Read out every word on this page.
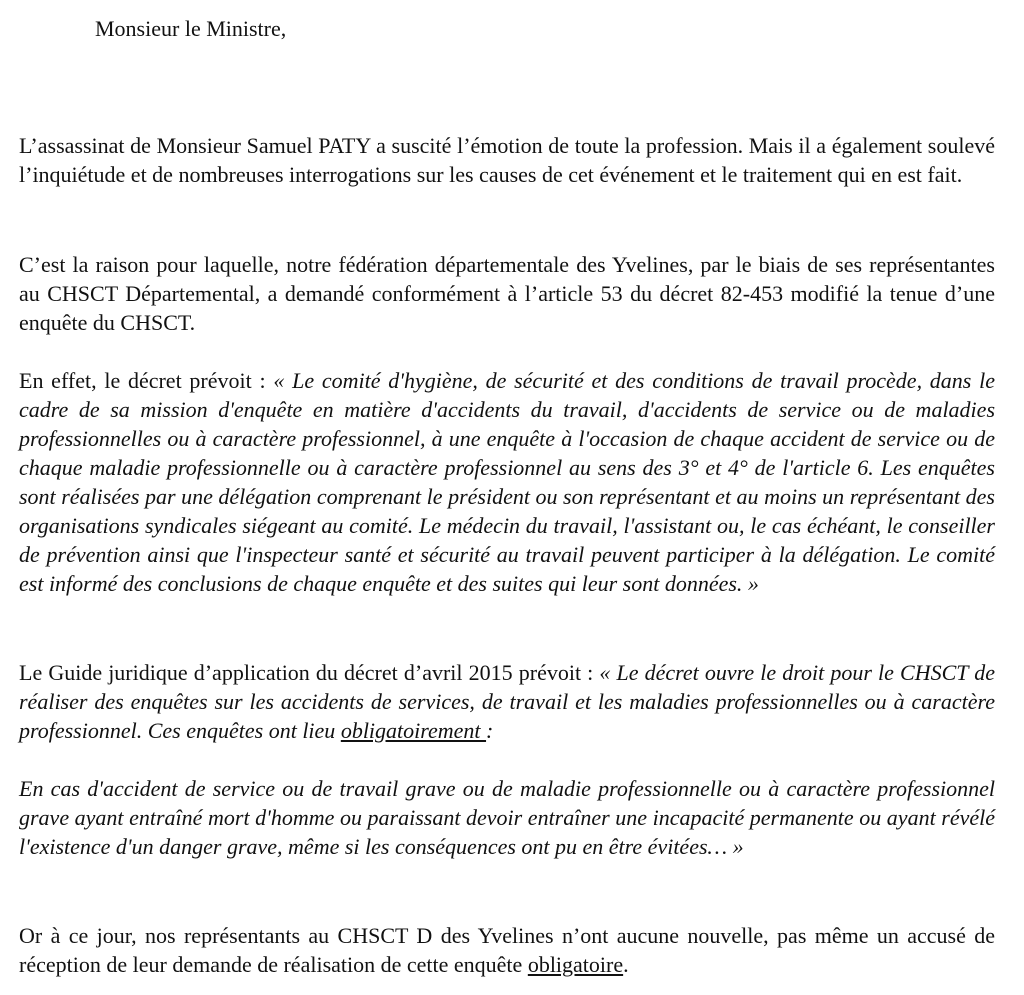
Monsieur le Ministre,

L’assassinat de Monsieur Samuel PATY a suscité l’émotion de toute la profession. Mais il a également soulevé l’inquiétude et de nombreuses interrogations sur les causes de cet événement et le traitement qui en est fait.

C’est la raison pour laquelle, notre fédération départementale des Yvelines, par le biais de ses représentantes au CHSCT Départemental, a demandé conformément à l’article 53 du décret 82-453 modifié la tenue d’une enquête du CHSCT.

En effet, le décret prévoit : « Le comité d'hygiène, de sécurité et des conditions de travail procède, dans le cadre de sa mission d'enquête en matière d'accidents du travail, d'accidents de service ou de maladies professionnelles ou à caractère professionnel, à une enquête à l'occasion de chaque accident de service ou de chaque maladie professionnelle ou à caractère professionnel au sens des 3° et 4° de l'article 6. Les enquêtes sont réalisées par une délégation comprenant le président ou son représentant et au moins un représentant des organisations syndicales siégeant au comité. Le médecin du travail, l'assistant ou, le cas échéant, le conseiller de prévention ainsi que l'inspecteur santé et sécurité au travail peuvent participer à la délégation. Le comité est informé des conclusions de chaque enquête et des suites qui leur sont données. »

Le Guide juridique d’application du décret d’avril 2015 prévoit : « Le décret ouvre le droit pour le CHSCT de réaliser des enquêtes sur les accidents de services, de travail et les maladies professionnelles ou à caractère professionnel. Ces enquêtes ont lieu obligatoirement :

En cas d'accident de service ou de travail grave ou de maladie professionnelle ou à caractère professionnel grave ayant entraîné mort d'homme ou paraissant devoir entraîner une incapacité permanente ou ayant révélé l'existence d'un danger grave, même si les conséquences ont pu en être évitées… »

Or à ce jour, nos représentants au CHSCT D des Yvelines n’ont aucune nouvelle, pas même un accusé de réception de leur demande de réalisation de cette enquête obligatoire.
